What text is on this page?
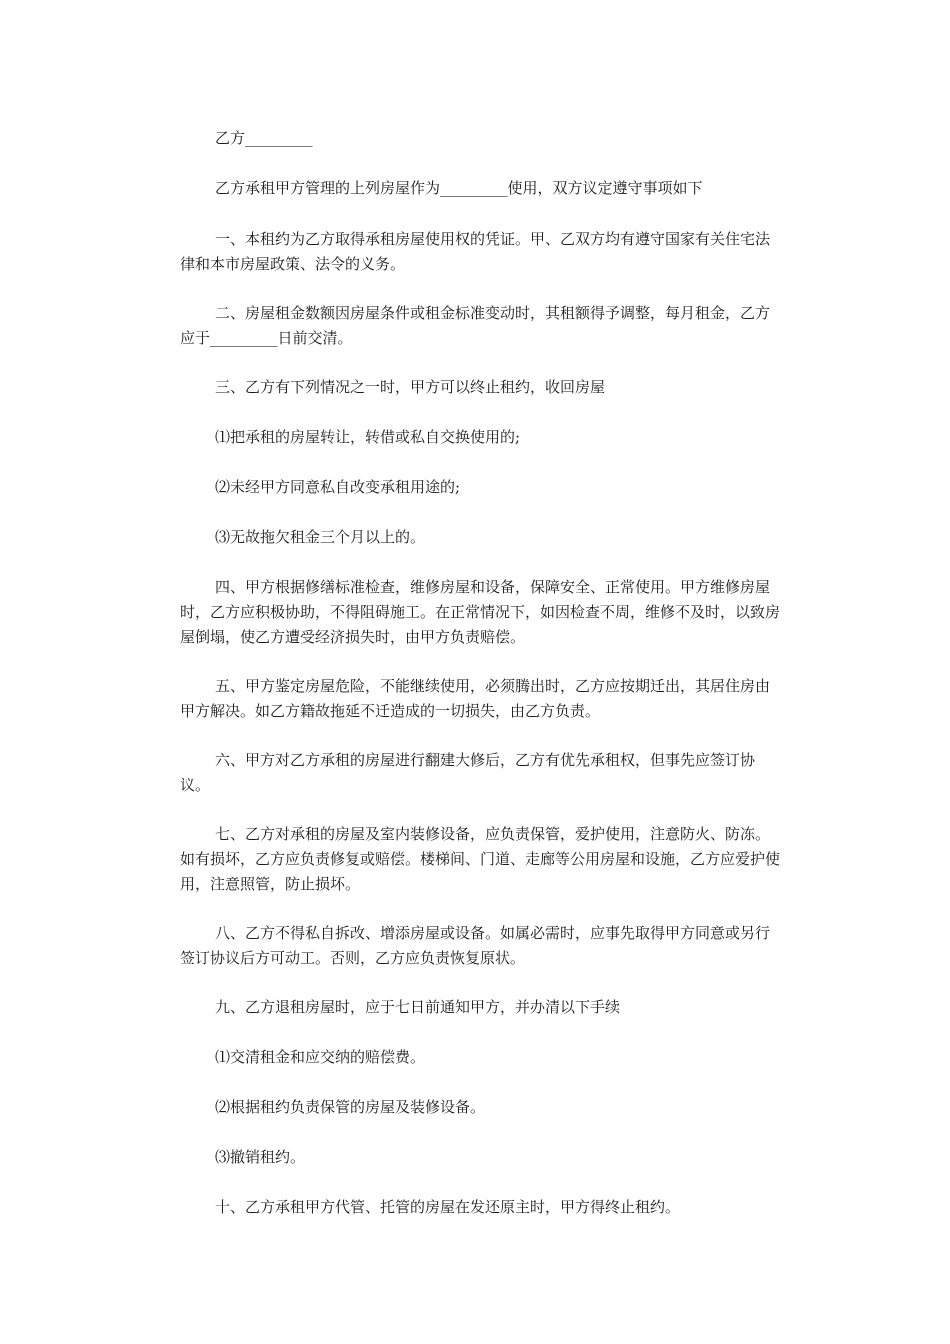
乙方_________

乙方承租甲方管理的上列房屋作为_________使用，双方议定遵守事项如下

一、本租约为乙方取得承租房屋使用权的凭证。甲、乙双方均有遵守国家有关住宅法律和本市房屋政策、法令的义务。

二、房屋租金数额因房屋条件或租金标准变动时，其租额得予调整，每月租金，乙方应于_________日前交清。

三、乙方有下列情况之一时，甲方可以终止租约，收回房屋

⑴把承租的房屋转让，转借或私自交换使用的;

⑵未经甲方同意私自改变承租用途的;

⑶无故拖欠租金三个月以上的。

四、甲方根据修缮标准检查，维修房屋和设备，保障安全、正常使用。甲方维修房屋时，乙方应积极协助，不得阻碍施工。在正常情况下，如因检查不周，维修不及时，以致房屋倒塌，使乙方遭受经济损失时，由甲方负责赔偿。

五、甲方鉴定房屋危险，不能继续使用，必须腾出时，乙方应按期迁出，其居住房由甲方解决。如乙方籍故拖延不迁造成的一切损失，由乙方负责。

六、甲方对乙方承租的房屋进行翻建大修后，乙方有优先承租权，但事先应签订协议。

七、乙方对承租的房屋及室内装修设备，应负责保管，爱护使用，注意防火、防冻。如有损坏，乙方应负责修复或赔偿。楼梯间、门道、走廊等公用房屋和设施，乙方应爱护使用，注意照管，防止损坏。

八、乙方不得私自拆改、增添房屋或设备。如属必需时，应事先取得甲方同意或另行签订协议后方可动工。否则，乙方应负责恢复原状。

九、乙方退租房屋时，应于七日前通知甲方，并办清以下手续

⑴交清租金和应交纳的赔偿费。

⑵根据租约负责保管的房屋及装修设备。

⑶撤销租约。

十、乙方承租甲方代管、托管的房屋在发还原主时，甲方得终止租约。
